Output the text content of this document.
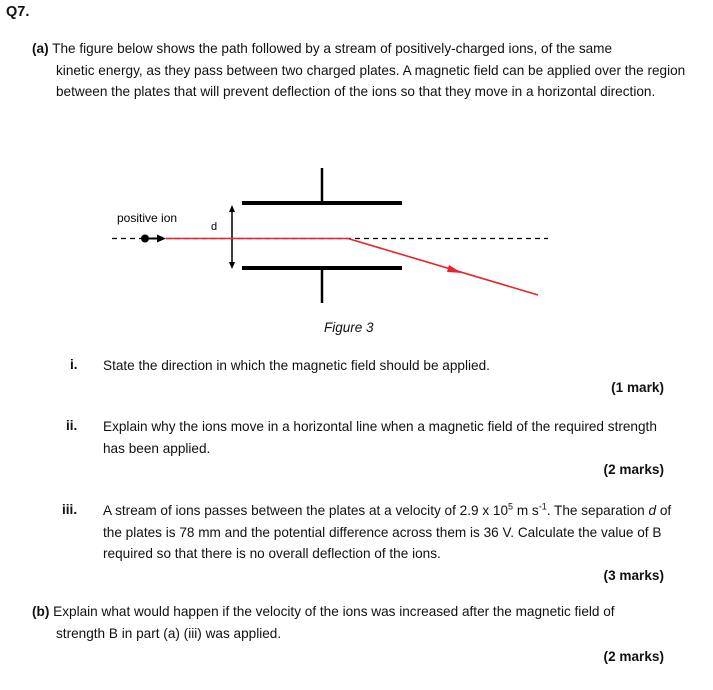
Q7.
(a) The figure below shows the path followed by a stream of positively-charged ions, of the same
kinetic energy, as they pass between two charged plates. A magnetic field can be applied over the region between the plates that will prevent deflection of the ions so that they move in a horizontal direction.
d
positive ion
Figure 3
i. State the direction in which the magnetic field should be applied.
(1 mark)
ii. Explain why the ions move in a horizontal line when a magnetic field of the required strength has been applied.
(2 marks)
iii. A stream of ions passes between the plates at a velocity of 2.9 x $10^5$ m $s^{-1}$. The separation d of the plates is 78 mm and the potential difference across them is 36 V. Calculate the value of B required so that there is no overall deflection of the ions.
(3 marks)
(b) Explain what would happen if the velocity of the ions was increased after the magnetic field of
strength B in part (a) (iii) was applied.
(2 marks)
